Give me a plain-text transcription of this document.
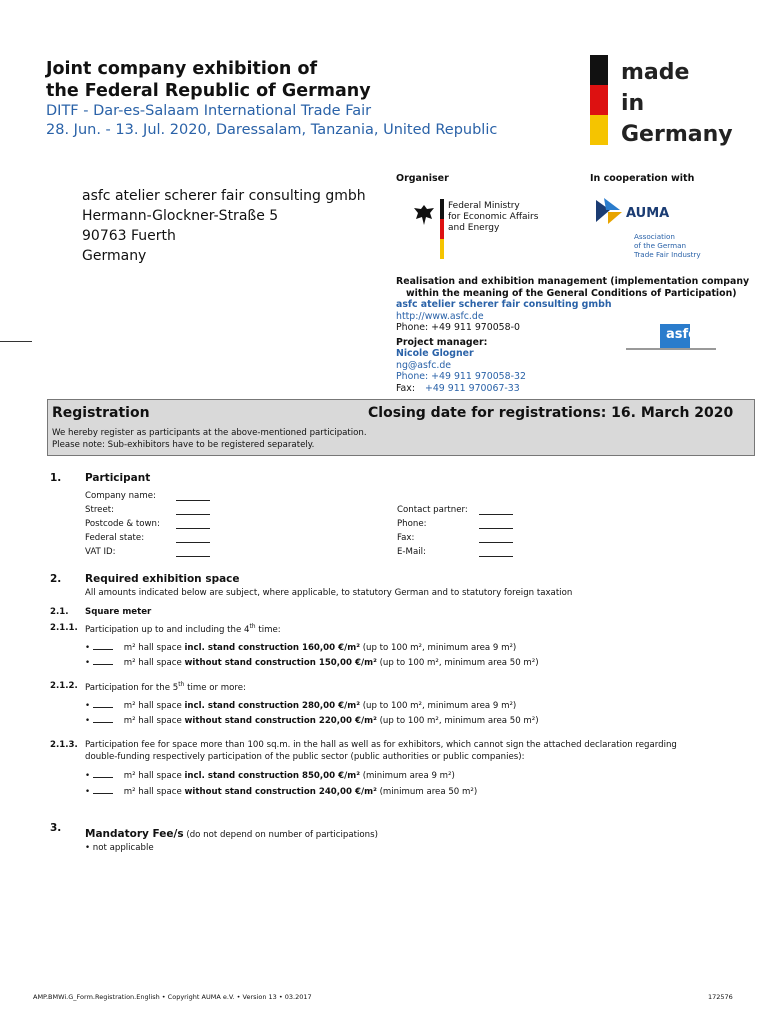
Joint company exhibition of
the Federal Republic of Germany
DITF - Dar-es-Salaam International Trade Fair
28. Jun. - 13. Jul. 2020, Daressalam, Tanzania, United Republic
made
in
Germany
Organiser	In cooperation with
asfc atelier scherer fair consulting gmbh
Hermann-Glockner-Straße 5
90763 Fuerth
Germany
Federal Ministry
for Economic Affairs
and Energy
AUMA
Association
of the German
Trade Fair Industry
Realisation and exhibition management (implementation company
within the meaning of the General Conditions of Participation)
asfc atelier scherer fair consulting gmbh
http://www.asfc.de
Phone: +49 911 970058-0
Project manager:
Nicole Glogner
ng@asfc.de
Phone: +49 911 970058-32
Fax: +49 911 970067-33
asfc
Registration	Closing date for registrations: 16. March 2020
We hereby register as participants at the above-mentioned participation.
Please note: Sub-exhibitors have to be registered separately.
1. Participant
Company name:
Street:
Postcode & town:
Federal state:
VAT ID:
Contact partner:
Phone:
Fax:
E-Mail:
2. Required exhibition space
All amounts indicated below are subject, where applicable, to statutory German and to statutory foreign taxation
2.1. Square meter
2.1.1. Participation up to and including the 4th time:
•	m² hall space incl. stand construction 160,00 €/m² (up to 100 m², minimum area 9 m²)
•	m² hall space without stand construction 150,00 €/m² (up to 100 m², minimum area 50 m²)
2.1.2. Participation for the 5th time or more:
•	m² hall space incl. stand construction 280,00 €/m² (up to 100 m², minimum area 9 m²)
•	m² hall space without stand construction 220,00 €/m² (up to 100 m², minimum area 50 m²)
2.1.3. Participation fee for space more than 100 sq.m. in the hall as well as for exhibitors, which cannot sign the attached declaration regarding
double-funding respectively participation of the public sector (public authorities or public companies):
•	m² hall space incl. stand construction 850,00 €/m² (minimum area 9 m²)
•	m² hall space without stand construction 240,00 €/m² (minimum area 50 m²)
3. Mandatory Fee/s (do not depend on number of participations)
• not applicable
AMP.BMWi.G_Form.Registration.English • Copyright AUMA e.V. • Version 13 • 03.2017	172576
